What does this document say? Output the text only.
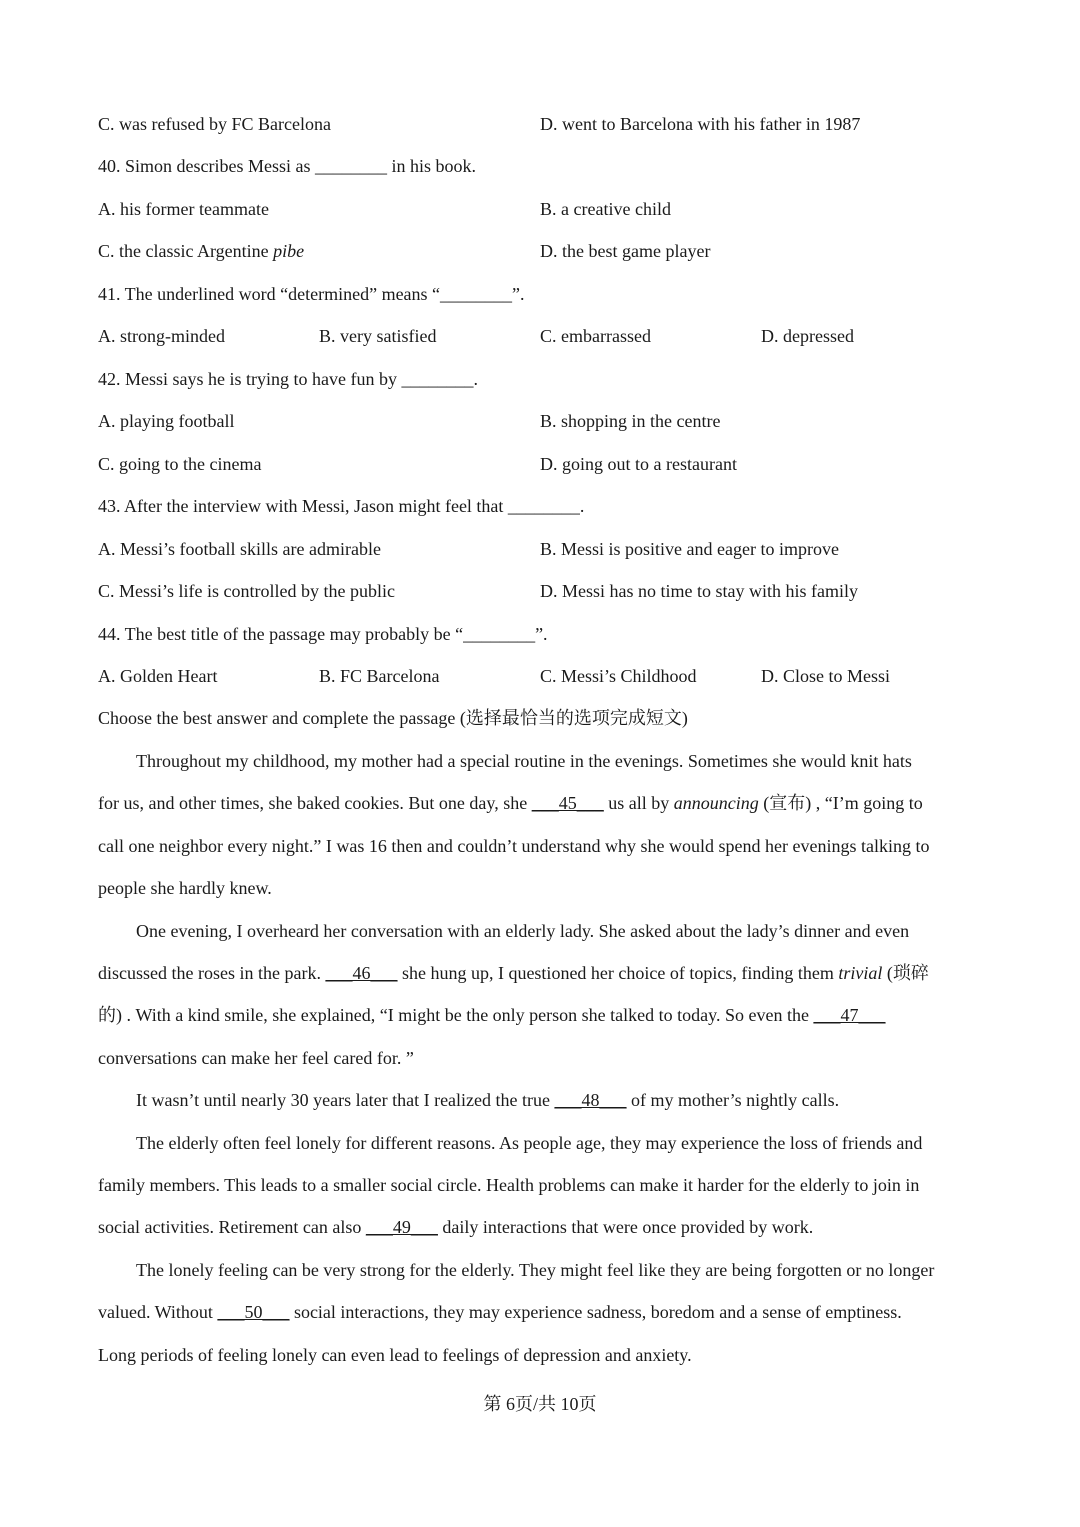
C. was refused by FC Barcelona	D. went to Barcelona with his father in 1987
40. Simon describes Messi as ________ in his book.
A. his former teammate	B. a creative child
C. the classic Argentine pibe	D. the best game player
41. The underlined word “determined” means “________”.
A. strong-minded	B. very satisfied	C. embarrassed	D. depressed
42. Messi says he is trying to have fun by ________.
A. playing football	B. shopping in the centre
C. going to the cinema	D. going out to a restaurant
43. After the interview with Messi, Jason might feel that ________.
A. Messi’s football skills are admirable	B. Messi is positive and eager to improve
C. Messi’s life is controlled by the public	D. Messi has no time to stay with his family
44. The best title of the passage may probably be “________”.
A. Golden Heart	B. FC Barcelona	C. Messi’s Childhood	D. Close to Messi
Choose the best answer and complete the passage (选择最恰当的选项完成短文)
Throughout my childhood, my mother had a special routine in the evenings. Sometimes she would knit hats
for us, and other times, she baked cookies. But one day, she ___45___ us all by announcing (宣布) , “I’m going to
call one neighbor every night.” I was 16 then and couldn’t understand why she would spend her evenings talking to
people she hardly knew.
One evening, I overheard her conversation with an elderly lady. She asked about the lady’s dinner and even
discussed the roses in the park. ___46___ she hung up, I questioned her choice of topics, finding them trivial (琐碎
的) . With a kind smile, she explained, “I might be the only person she talked to today. So even the ___47___
conversations can make her feel cared for. ”
It wasn’t until nearly 30 years later that I realized the true ___48___ of my mother’s nightly calls.
The elderly often feel lonely for different reasons. As people age, they may experience the loss of friends and
family members. This leads to a smaller social circle. Health problems can make it harder for the elderly to join in
social activities. Retirement can also ___49___ daily interactions that were once provided by work.
The lonely feeling can be very strong for the elderly. They might feel like they are being forgotten or no longer
valued. Without ___50___ social interactions, they may experience sadness, boredom and a sense of emptiness.
Long periods of feeling lonely can even lead to feelings of depression and anxiety.
第 6页/共 10页
